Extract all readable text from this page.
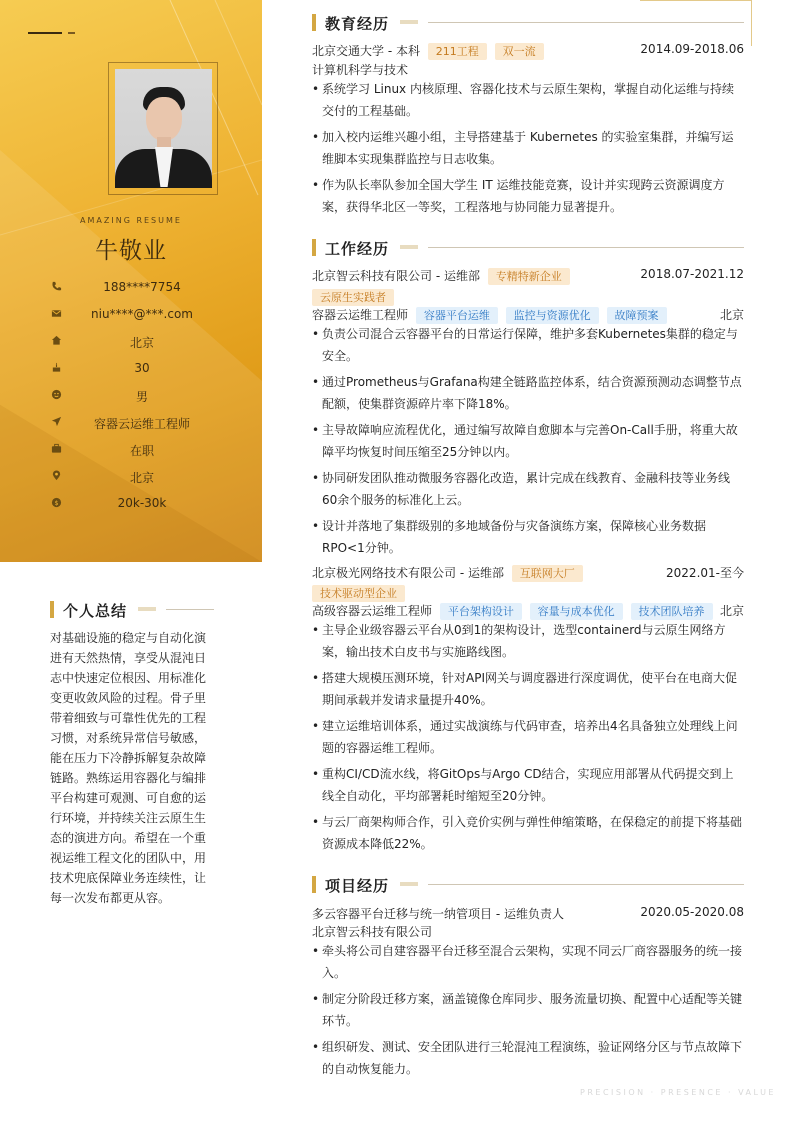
AMAZING RESUME
牛敬业
188****7754
niu****@***.com
北京
30
男
容器云运维工程师
在职
北京
$	20k-30k
个人总结
对基础设施的稳定与自动化演进有天然热情，享受从混沌日志中快速定位根因、用标准化变更收敛风险的过程。骨子里带着细致与可靠性优先的工程习惯，对系统异常信号敏感，能在压力下冷静拆解复杂故障链路。熟练运用容器化与编排平台构建可观测、可自愈的运行环境，并持续关注云原生生态的演进方向。希望在一个重视运维工程文化的团队中，用技术兜底保障业务连续性，让每一次发布都更从容。
教育经历
北京交通大学 - 本科 211工程 双一流	2014.09-2018.06
计算机科学与技术
• 系统学习 Linux 内核原理、容器化技术与云原生架构，掌握自动化运维与持续交付的工程基础。
• 加入校内运维兴趣小组，主导搭建基于 Kubernetes 的实验室集群，并编写运维脚本实现集群监控与日志收集。
• 作为队长率队参加全国大学生 IT 运维技能竞赛，设计并实现跨云资源调度方案，获得华北区一等奖，工程落地与协同能力显著提升。
工作经历
北京智云科技有限公司 - 运维部 专精特新企业	2018.07-2021.12
云原生实践者
容器云运维工程师 容器平台运维 监控与资源优化 故障预案	北京
• 负责公司混合云容器平台的日常运行保障，维护多套Kubernetes集群的稳定与安全。
• 通过Prometheus与Grafana构建全链路监控体系，结合资源预测动态调整节点配额，使集群资源碎片率下降18%。
• 主导故障响应流程优化，通过编写故障自愈脚本与完善On-Call手册，将重大故障平均恢复时间压缩至25分钟以内。
• 协同研发团队推动微服务容器化改造，累计完成在线教育、金融科技等业务线60余个服务的标准化上云。
• 设计并落地了集群级别的多地域备份与灾备演练方案，保障核心业务数据RPO<1分钟。
北京极光网络技术有限公司 - 运维部 互联网大厂	2022.01-至今
技术驱动型企业
高级容器云运维工程师 平台架构设计 容量与成本优化 技术团队培养	北京
• 主导企业级容器云平台从0到1的架构设计，选型containerd与云原生网络方案，输出技术白皮书与实施路线图。
• 搭建大规模压测环境，针对API网关与调度器进行深度调优，使平台在电商大促期间承载并发请求量提升40%。
• 建立运维培训体系，通过实战演练与代码审查，培养出4名具备独立处理线上问题的容器运维工程师。
• 重构CI/CD流水线，将GitOps与Argo CD结合，实现应用部署从代码提交到上线全自动化，平均部署耗时缩短至20分钟。
• 与云厂商架构师合作，引入竞价实例与弹性伸缩策略，在保稳定的前提下将基础资源成本降低22%。
项目经历
多云容器平台迁移与统一纳管项目 - 运维负责人	2020.05-2020.08
北京智云科技有限公司
• 牵头将公司自建容器平台迁移至混合云架构，实现不同云厂商容器服务的统一接入。
• 制定分阶段迁移方案，涵盖镜像仓库同步、服务流量切换、配置中心适配等关键环节。
• 组织研发、测试、安全团队进行三轮混沌工程演练，验证网络分区与节点故障下的自动恢复能力。
PRECISION · PRESENCE · VALUE
